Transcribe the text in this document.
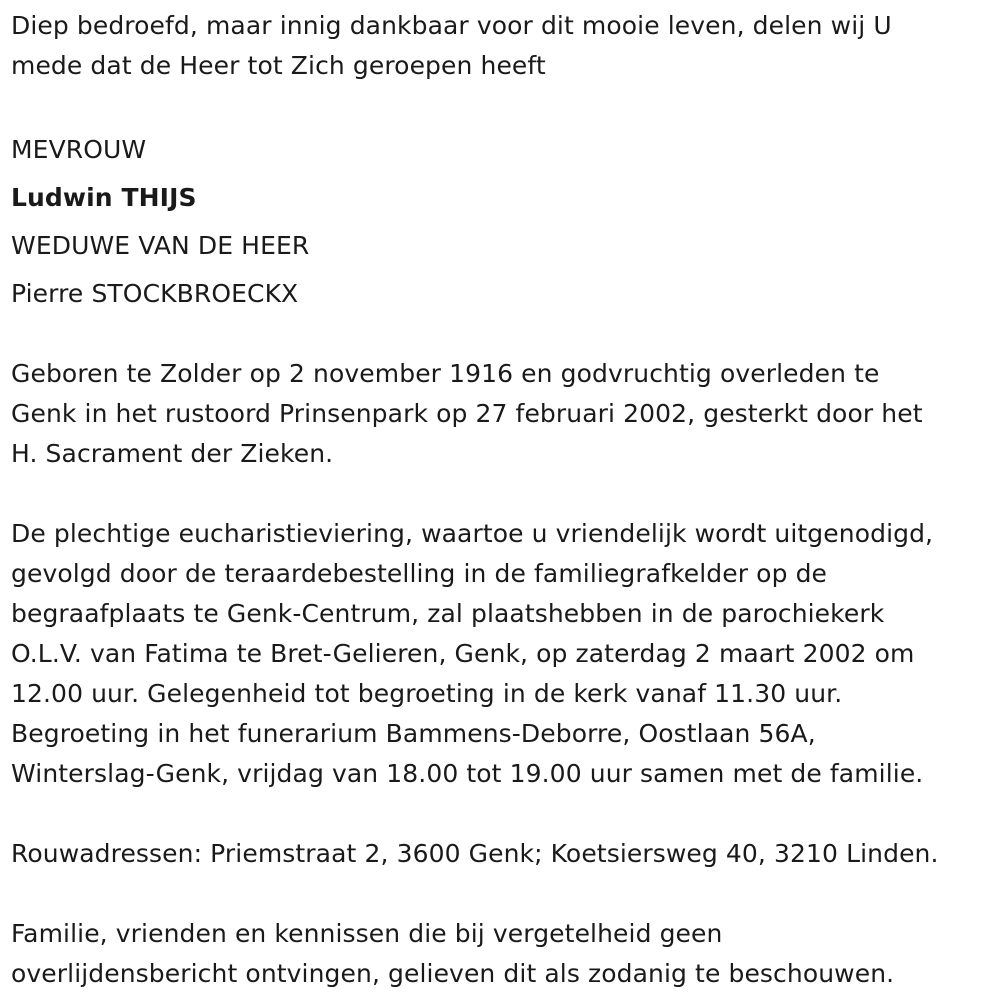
Diep bedroefd, maar innig dankbaar voor dit mooie leven, delen wij U
mede dat de Heer tot Zich geroepen heeft
MEVROUW
Ludwin THIJS
WEDUWE VAN DE HEER
Pierre STOCKBROECKX
Geboren te Zolder op 2 november 1916 en godvruchtig overleden te
Genk in het rustoord Prinsenpark op 27 februari 2002, gesterkt door het
H. Sacrament der Zieken.
De plechtige eucharistieviering, waartoe u vriendelijk wordt uitgenodigd,
gevolgd door de teraardebestelling in de familiegrafkelder op de
begraafplaats te Genk-Centrum, zal plaatshebben in de parochiekerk
O.L.V. van Fatima te Bret-Gelieren, Genk, op zaterdag 2 maart 2002 om
12.00 uur. Gelegenheid tot begroeting in de kerk vanaf 11.30 uur.
Begroeting in het funerarium Bammens-Deborre, Oostlaan 56A,
Winterslag-Genk, vrijdag van 18.00 tot 19.00 uur samen met de familie.
Rouwadressen: Priemstraat 2, 3600 Genk; Koetsiersweg 40, 3210 Linden.
Familie, vrienden en kennissen die bij vergetelheid geen
overlijdensbericht ontvingen, gelieven dit als zodanig te beschouwen.
